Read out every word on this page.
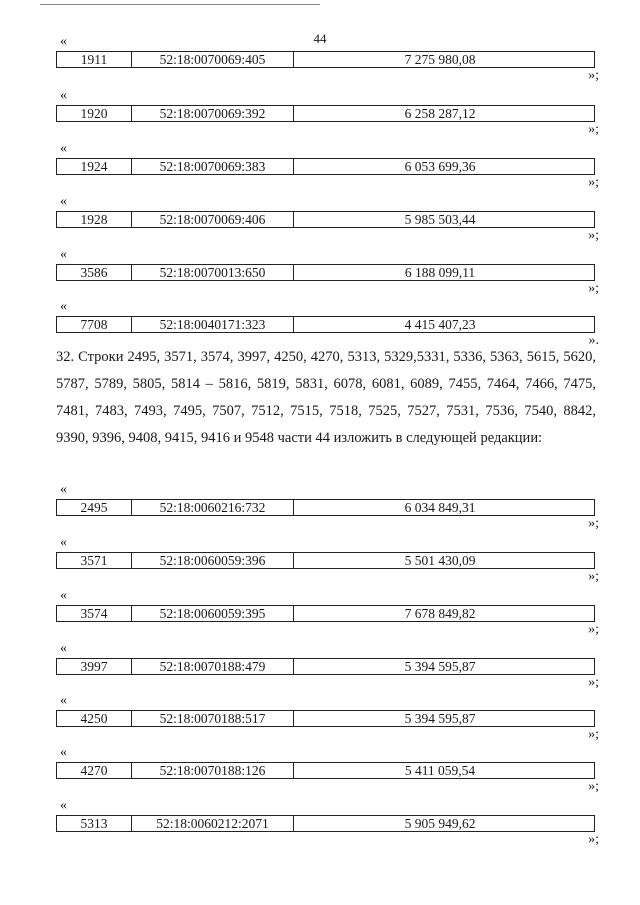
44
«
1911	52:18:0070069:405	7 275 980,08
»;
«
1920	52:18:0070069:392	6 258 287,12
»;
«
1924	52:18:0070069:383	6 053 699,36
»;
«
1928	52:18:0070069:406	5 985 503,44
»;
«
3586	52:18:0070013:650	6 188 099,11
»;
«
7708	52:18:0040171:323	4 415 407,23
».

32. Строки 2495, 3571, 3574, 3997, 4250, 4270, 5313, 5329,5331, 5336, 5363, 5615, 5620, 5787, 5789, 5805, 5814 – 5816, 5819, 5831, 6078, 6081, 6089, 7455, 7464, 7466, 7475, 7481, 7483, 7493, 7495, 7507, 7512, 7515, 7518, 7525, 7527, 7531, 7536, 7540, 8842, 9390, 9396, 9408, 9415, 9416 и 9548 части 44 изложить в следующей редакции:

«
2495	52:18:0060216:732	6 034 849,31
»;
«
3571	52:18:0060059:396	5 501 430,09
»;
«
3574	52:18:0060059:395	7 678 849,82
»;
«
3997	52:18:0070188:479	5 394 595,87
»;
«
4250	52:18:0070188:517	5 394 595,87
»;
«
4270	52:18:0070188:126	5 411 059,54
»;
«
5313	52:18:0060212:2071	5 905 949,62
»;
